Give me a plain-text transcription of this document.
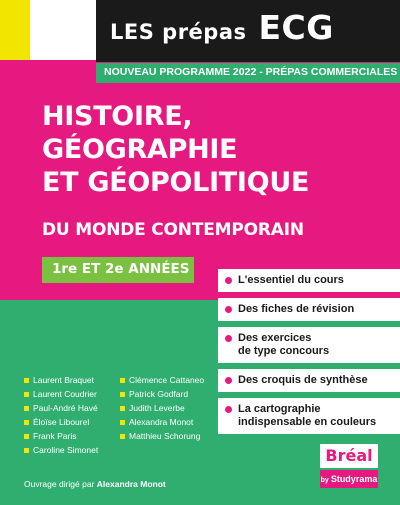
LES prépas ECG
NOUVEAU PROGRAMME 2022 - PRÉPAS COMMERCIALES
HISTOIRE,
GÉOGRAPHIE
ET GÉOPOLITIQUE
DU MONDE CONTEMPORAIN
1re ET 2e ANNÉES
L'essentiel du cours
Des fiches de révision
Des exercices
de type concours
Des croquis de synthèse
La cartographie
indispensable en couleurs
Laurent Braquet	Clémence Cattaneo
Laurent Coudrier	Patrick Godfard
Paul-André Havé	Judith Leverbe
Éloïse Libourel	Alexandra Monot
Frank Paris	Matthieu Schorung
Caroline Simonet
Ouvrage dirigé par Alexandra Monot
Bréal
by Studyrama
